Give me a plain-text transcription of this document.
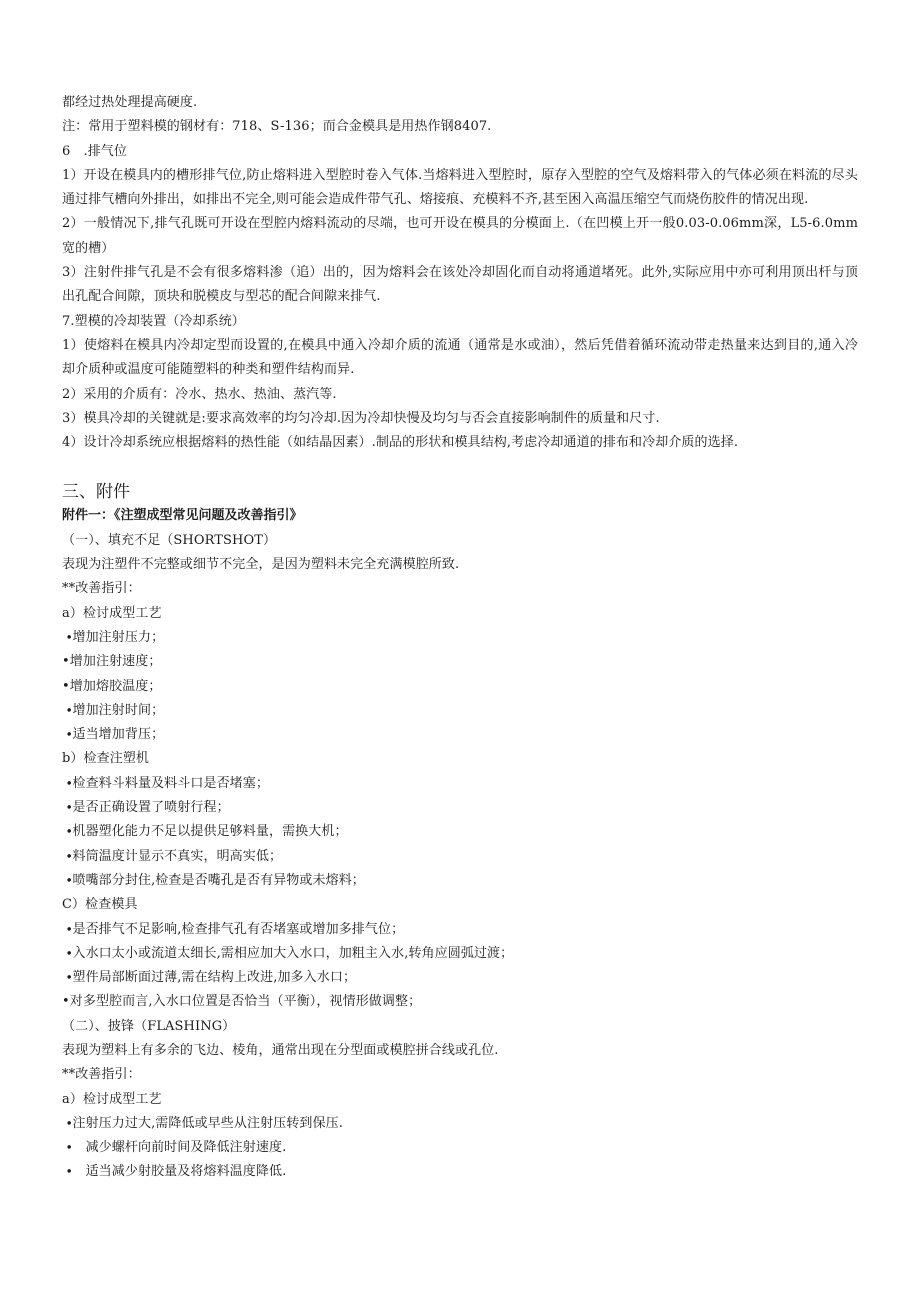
都经过热处理提高硬度.
注：常用于塑料模的钢材有：718、S-136；而合金模具是用热作钢8407.
6　.排气位
1）开设在模具内的槽形排气位,防止熔料进入型腔时卷入气体.当熔料进入型腔时，原存入型腔的空气及熔料带入的气体必须在料流的尽头通过排气槽向外排出，如排出不完全,则可能会造成件带气孔、熔接痕、充模料不齐,甚至困入高温压缩空气而烧伤胶件的情况出现.
2）一般情况下,排气孔既可开设在型腔内熔料流动的尽端，也可开设在模具的分模面上.（在凹模上开一般0.03-0.06mm深，L5-6.0mm宽的槽）
3）注射件排气孔是不会有很多熔料渗（追）出的，因为熔料会在该处冷却固化而自动将通道堵死。此外,实际应用中亦可利用顶出杆与顶出孔配合间隙，顶块和脱模皮与型芯的配合间隙来排气.
7.塑模的冷却装置（冷却系统）
1）使熔料在模具内冷却定型而设置的,在模具中通入冷却介质的流通（通常是水或油），然后凭借着循环流动带走热量来达到目的,通入冷却介质种或温度可能随塑料的种类和塑件结构而异.
2）采用的介质有：冷水、热水、热油、蒸汽等.
3）模具冷却的关键就是:要求高效率的均匀冷却.因为冷却快慢及均匀与否会直接影响制件的质量和尺寸.
4）设计冷却系统应根据熔料的热性能（如结晶因素）.制品的形状和模具结构,考虑冷却通道的排布和冷却介质的选择.
三、附件
附件一：《注塑成型常见问题及改善指引》
（一）、填充不足（SHORTSHOT）
表现为注塑件不完整或细节不完全，是因为塑料未完全充满模腔所致.
**改善指引：
a）检讨成型工艺
∙增加注射压力；
•增加注射速度；
•增加熔胶温度；
∙增加注射时间；
∙适当增加背压；
b）检查注塑机
∙检查料斗料量及料斗口是否堵塞；
∙是否正确设置了喷射行程；
∙机器塑化能力不足以提供足够料量，需换大机；
∙料筒温度计显示不真实，明高实低；
∙喷嘴部分封住,检查是否嘴孔是否有异物或未熔料；
C）检查模具
∙是否排气不足影响,检查排气孔有否堵塞或增加多排气位；
∙入水口太小或流道太细长,需相应加大入水口，加粗主入水,转角应圆弧过渡；
∙塑件局部断面过薄,需在结构上改进,加多入水口；
•对多型腔而言,入水口位置是否恰当（平衡），视情形做调整；
（二）、披锋（FLASHING）
表现为塑料上有多余的飞边、棱角，通常出现在分型面或模腔拼合线或孔位.
**改善指引：
a）检讨成型工艺
∙注射压力过大,需降低或早些从注射压转到保压.
∙　减少螺杆向前时间及降低注射速度.
∙　适当减少射胶量及将熔料温度降低.
